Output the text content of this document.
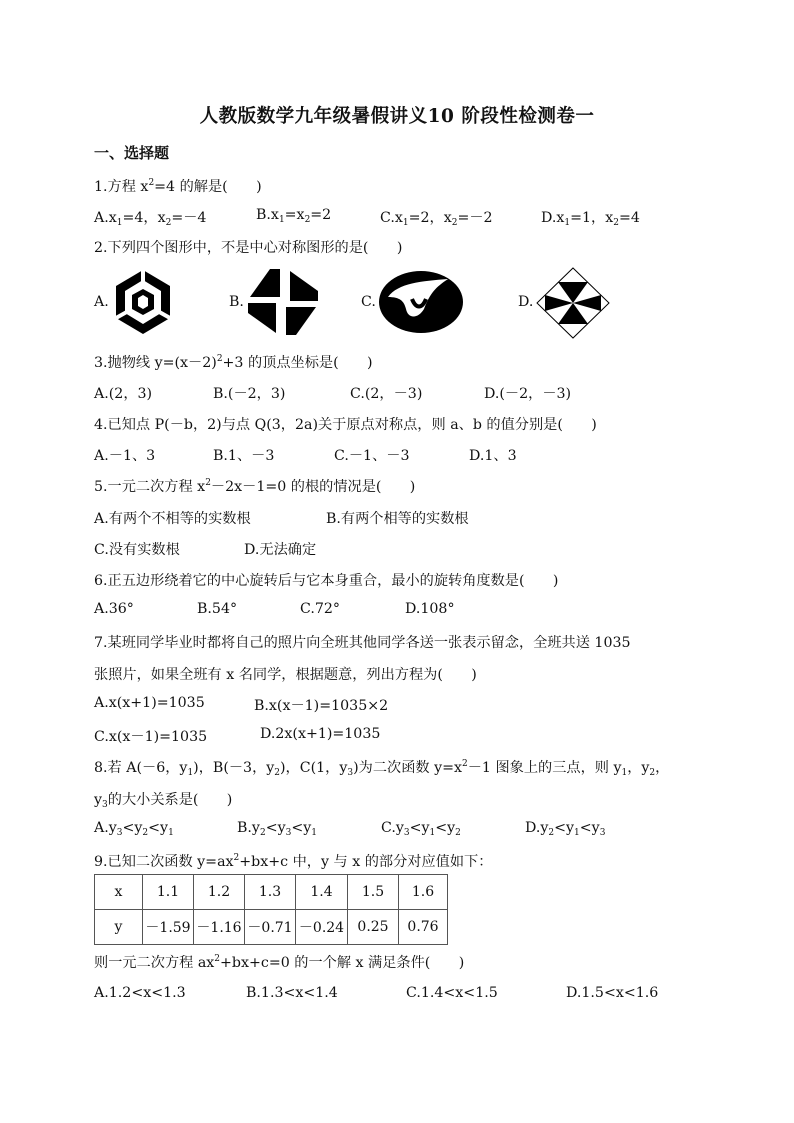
人教版数学九年级暑假讲义10 阶段性检测卷一
一、选择题
1.方程 $x^2=4$ 的解是(　　)
$A.x_1=4$，$x_2=-4$	$B.x_1=x_2=2$	$C.x_1=2$，$x_2=-2$	$D.x_1=1$，$x_2=4$
2.下列四个图形中，不是中心对称图形的是(　　)
A.	B.	C.	D.
3.抛物线 $y=(x-2)^2+3$ 的顶点坐标是(　　)
A.(2，3)	B.(－2，3)	C.(2，－3)	D.(－2，－3)
4.已知点 P(－b，2)与点 Q(3，2a)关于原点对称点，则 a、b 的值分别是(　　)
A.－1、3	B.1、－3	C.－1、－3	D.1、3
5.一元二次方程 $x^2-2x-1=0$ 的根的情况是(　　)
A.有两个不相等的实数根	B.有两个相等的实数根
C.没有实数根	D.无法确定
6.正五边形绕着它的中心旋转后与它本身重合，最小的旋转角度数是(　　)
A.36°	B.54°	C.72°	D.108°
7.某班同学毕业时都将自己的照片向全班其他同学各送一张表示留念，全班共送 1035
张照片，如果全班有 x 名同学，根据题意，列出方程为(　　)
A.x(x+1)=1035	B.x(x－1)=1035×2
C.x(x－1)=1035	D.2x(x+1)=1035
8.若 A(－6，$y_1$)，B(－3，$y_2$)，C(1，$y_3$)为二次函数 $y=x^2-1$ 图象上的三点，则 $y_1$，$y_2$，
$y_3$的大小关系是(　　)
$A.y_3<y_2<y_1$	$B.y_2<y_3<y_1$	$C.y_3<y_1<y_2$	$D.y_2<y_1<y_3$
9.已知二次函数 $y=ax^2+bx+c$ 中，y 与 x 的部分对应值如下：
x	1.1	1.2	1.3	1.4	1.5	1.6
y	－1.59	－1.16	－0.71	－0.24	0.25	0.76
则一元二次方程 $ax^2+bx+c=0$ 的一个解 x 满足条件(　　)
A.1.2<x<1.3	B.1.3<x<1.4	C.1.4<x<1.5	D.1.5<x<1.6
